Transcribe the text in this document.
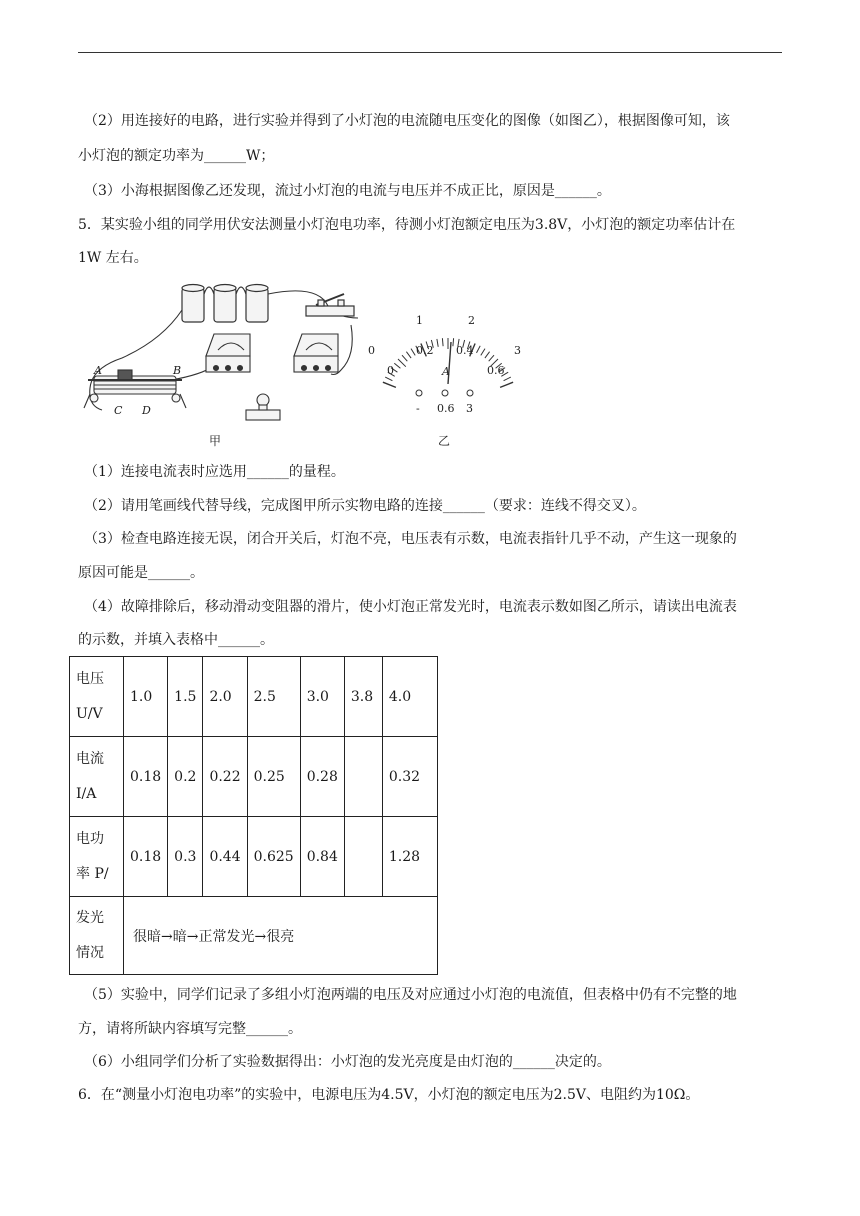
（2）用连接好的电路，进行实验并得到了小灯泡的电流随电压变化的图像（如图乙），根据图像可知，该
小灯泡的额定功率为______W；
（3）小海根据图像乙还发现，流过小灯泡的电流与电压并不成正比，原因是______。
5．某实验小组的同学用伏安法测量小灯泡电功率，待测小灯泡额定电压为3.8V，小灯泡的额定功率估计在
1W 左右。
A	B
C D
甲
0
1	2
3
0
0.2 0.4
0.6
A
- 0.6 3
乙
（1）连接电流表时应选用______的量程。
（2）请用笔画线代替导线，完成图甲所示实物电路的连接______（要求：连线不得交叉）。
（3）检查电路连接无误，闭合开关后，灯泡不亮，电压表有示数，电流表指针几乎不动，产生这一现象的
原因可能是______。
（4）故障排除后，移动滑动变阻器的滑片，使小灯泡正常发光时，电流表示数如图乙所示，请读出电流表
的示数，并填入表格中______。
电压
U/V	1.0	1.5	2.0	2.5	3.0	3.8	4.0
电流
I/A	0.18	0.2	0.22	0.25	0.28		0.32
电功
率 P/	0.18	0.3	0.44	0.625	0.84		1.28
发光
情况	很暗→暗→正常发光→很亮						
（5）实验中，同学们记录了多组小灯泡两端的电压及对应通过小灯泡的电流值，但表格中仍有不完整的地
方，请将所缺内容填写完整______。
（6）小组同学们分析了实验数据得出：小灯泡的发光亮度是由灯泡的______决定的。
6．在“测量小灯泡电功率”的实验中，电源电压为4.5V，小灯泡的额定电压为2.5V、电阻约为10Ω。
